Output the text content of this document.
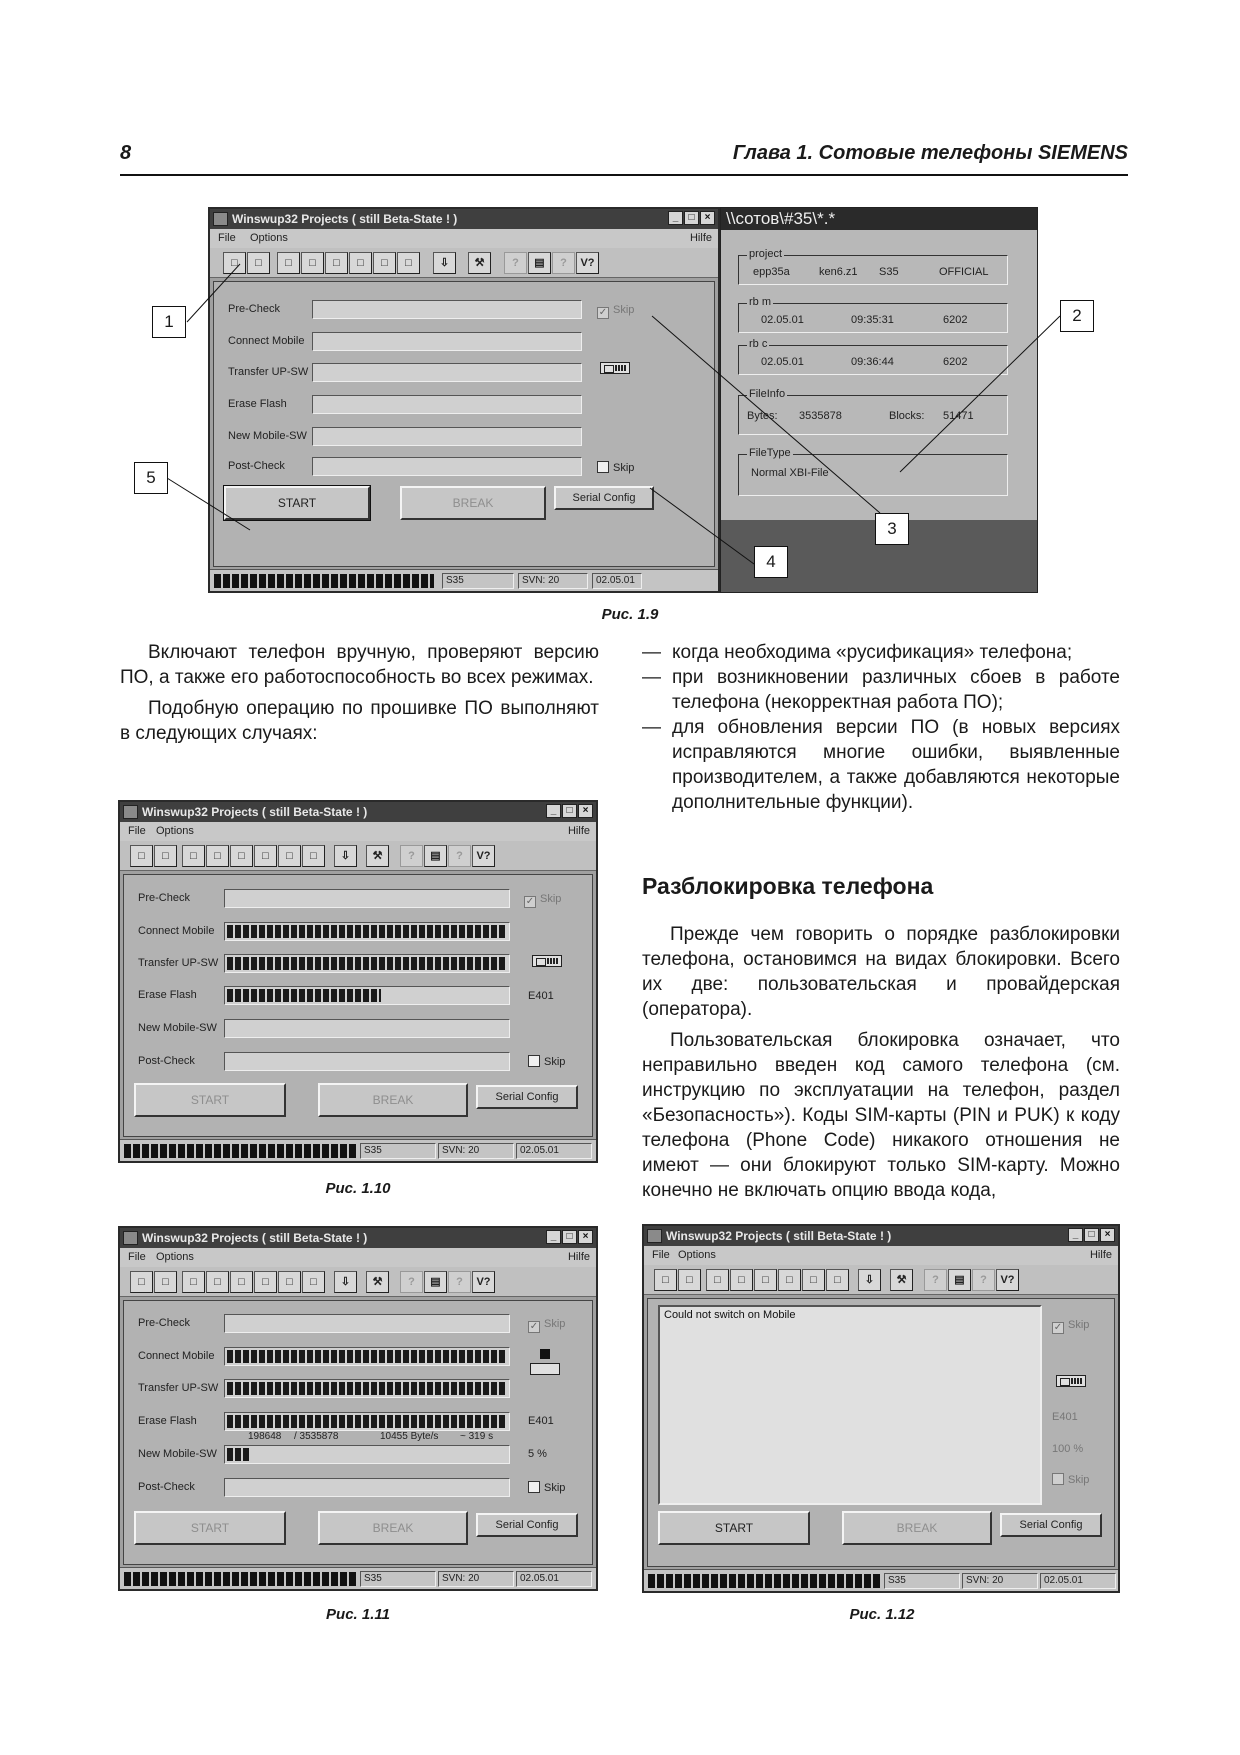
8	Глава 1. Сотовые телефоны SIEMENS
Winswup32 Projects ( still Beta-State ! )	_	□	×
File Options	Hilfe
□	□	□	□	□	□	□	□	⇩	⚒	?	▤	?	V?
Pre-Check	✓ Skip
Connect Mobile
Transfer UP-SW
Erase Flash
New Mobile-SW
Post-Check	Skip
START	BREAK	Serial Config
S35	SVN: 20	02.05.01
\\сотов\#35\*.*
project
epp35a	ken6.z1 S35	OFFICIAL
rb m
02.05.01	09:35:31	6202
rb c
02.05.01	09:36:44	6202
FileInfo
Bytes: 3535878	Blocks: 51471
FileType
Normal XBI-File
1	2
3
4
5
Рис. 1.9

Включают телефон вручную, проверяют версию ПО, а также его работоспособность во всех режимах.

Подобную операцию по прошивке ПО выполняют в следующих случаях:

— когда необходима «русификация» телефона;
— при возникновении различных сбоев в работе телефона (некорректная работа ПО);
— для обновления версии ПО (в новых версиях исправляются многие ошибки, выявленные производителем, а также добавляются некоторые дополнительные функции).
Разблокировка телефона

Прежде чем говорить о порядке разблокировки телефона, остановимся на видах блокировки. Всего их две: пользовательская и провайдерская (оператора).

Пользовательская блокировка означает, что неправильно введен код самого телефона (см. инструкцию по эксплуатации на телефон, раздел «Безопасность»). Коды SIM-карты (PIN и PUK) к коду телефона (Phone Code) никакого отношения не имеют — они блокируют только SIM-карту. Можно конечно не включать опцию ввода кода,

Winswup32 Projects ( still Beta-State ! )	_	□	×
File Options	Hilfe
□	□	□	□	□	□	□	□	⇩	⚒	?	▤	?	V?
Pre-Check	✓ Skip
Connect Mobile
Transfer UP-SW
Erase Flash	E401
New Mobile-SW
Post-Check	Skip
START	BREAK	Serial Config
S35	SVN: 20	02.05.01
Рис. 1.10
Winswup32 Projects ( still Beta-State ! )	_	□	×
File Options	Hilfe
□	□	□	□	□	□	□	□	⇩	⚒	?	▤	?	V?
Pre-Check	✓ Skip
Connect Mobile
Transfer UP-SW
Erase Flash	E401
198648 / 3535878	10455 Byte/s ~ 319 s
New Mobile-SW	5 %
Post-Check	Skip
START	BREAK	Serial Config
S35	SVN: 20	02.05.01
Рис. 1.11
Winswup32 Projects ( still Beta-State ! )	_	□	×
File Options	Hilfe
□	□	□	□	□	□	□	□	⇩	⚒	?	▤	?	V?
Could not switch on Mobile
✓ Skip
E401
100 %
Skip
START	BREAK	Serial Config
S35	SVN: 20	02.05.01
Рис. 1.12
